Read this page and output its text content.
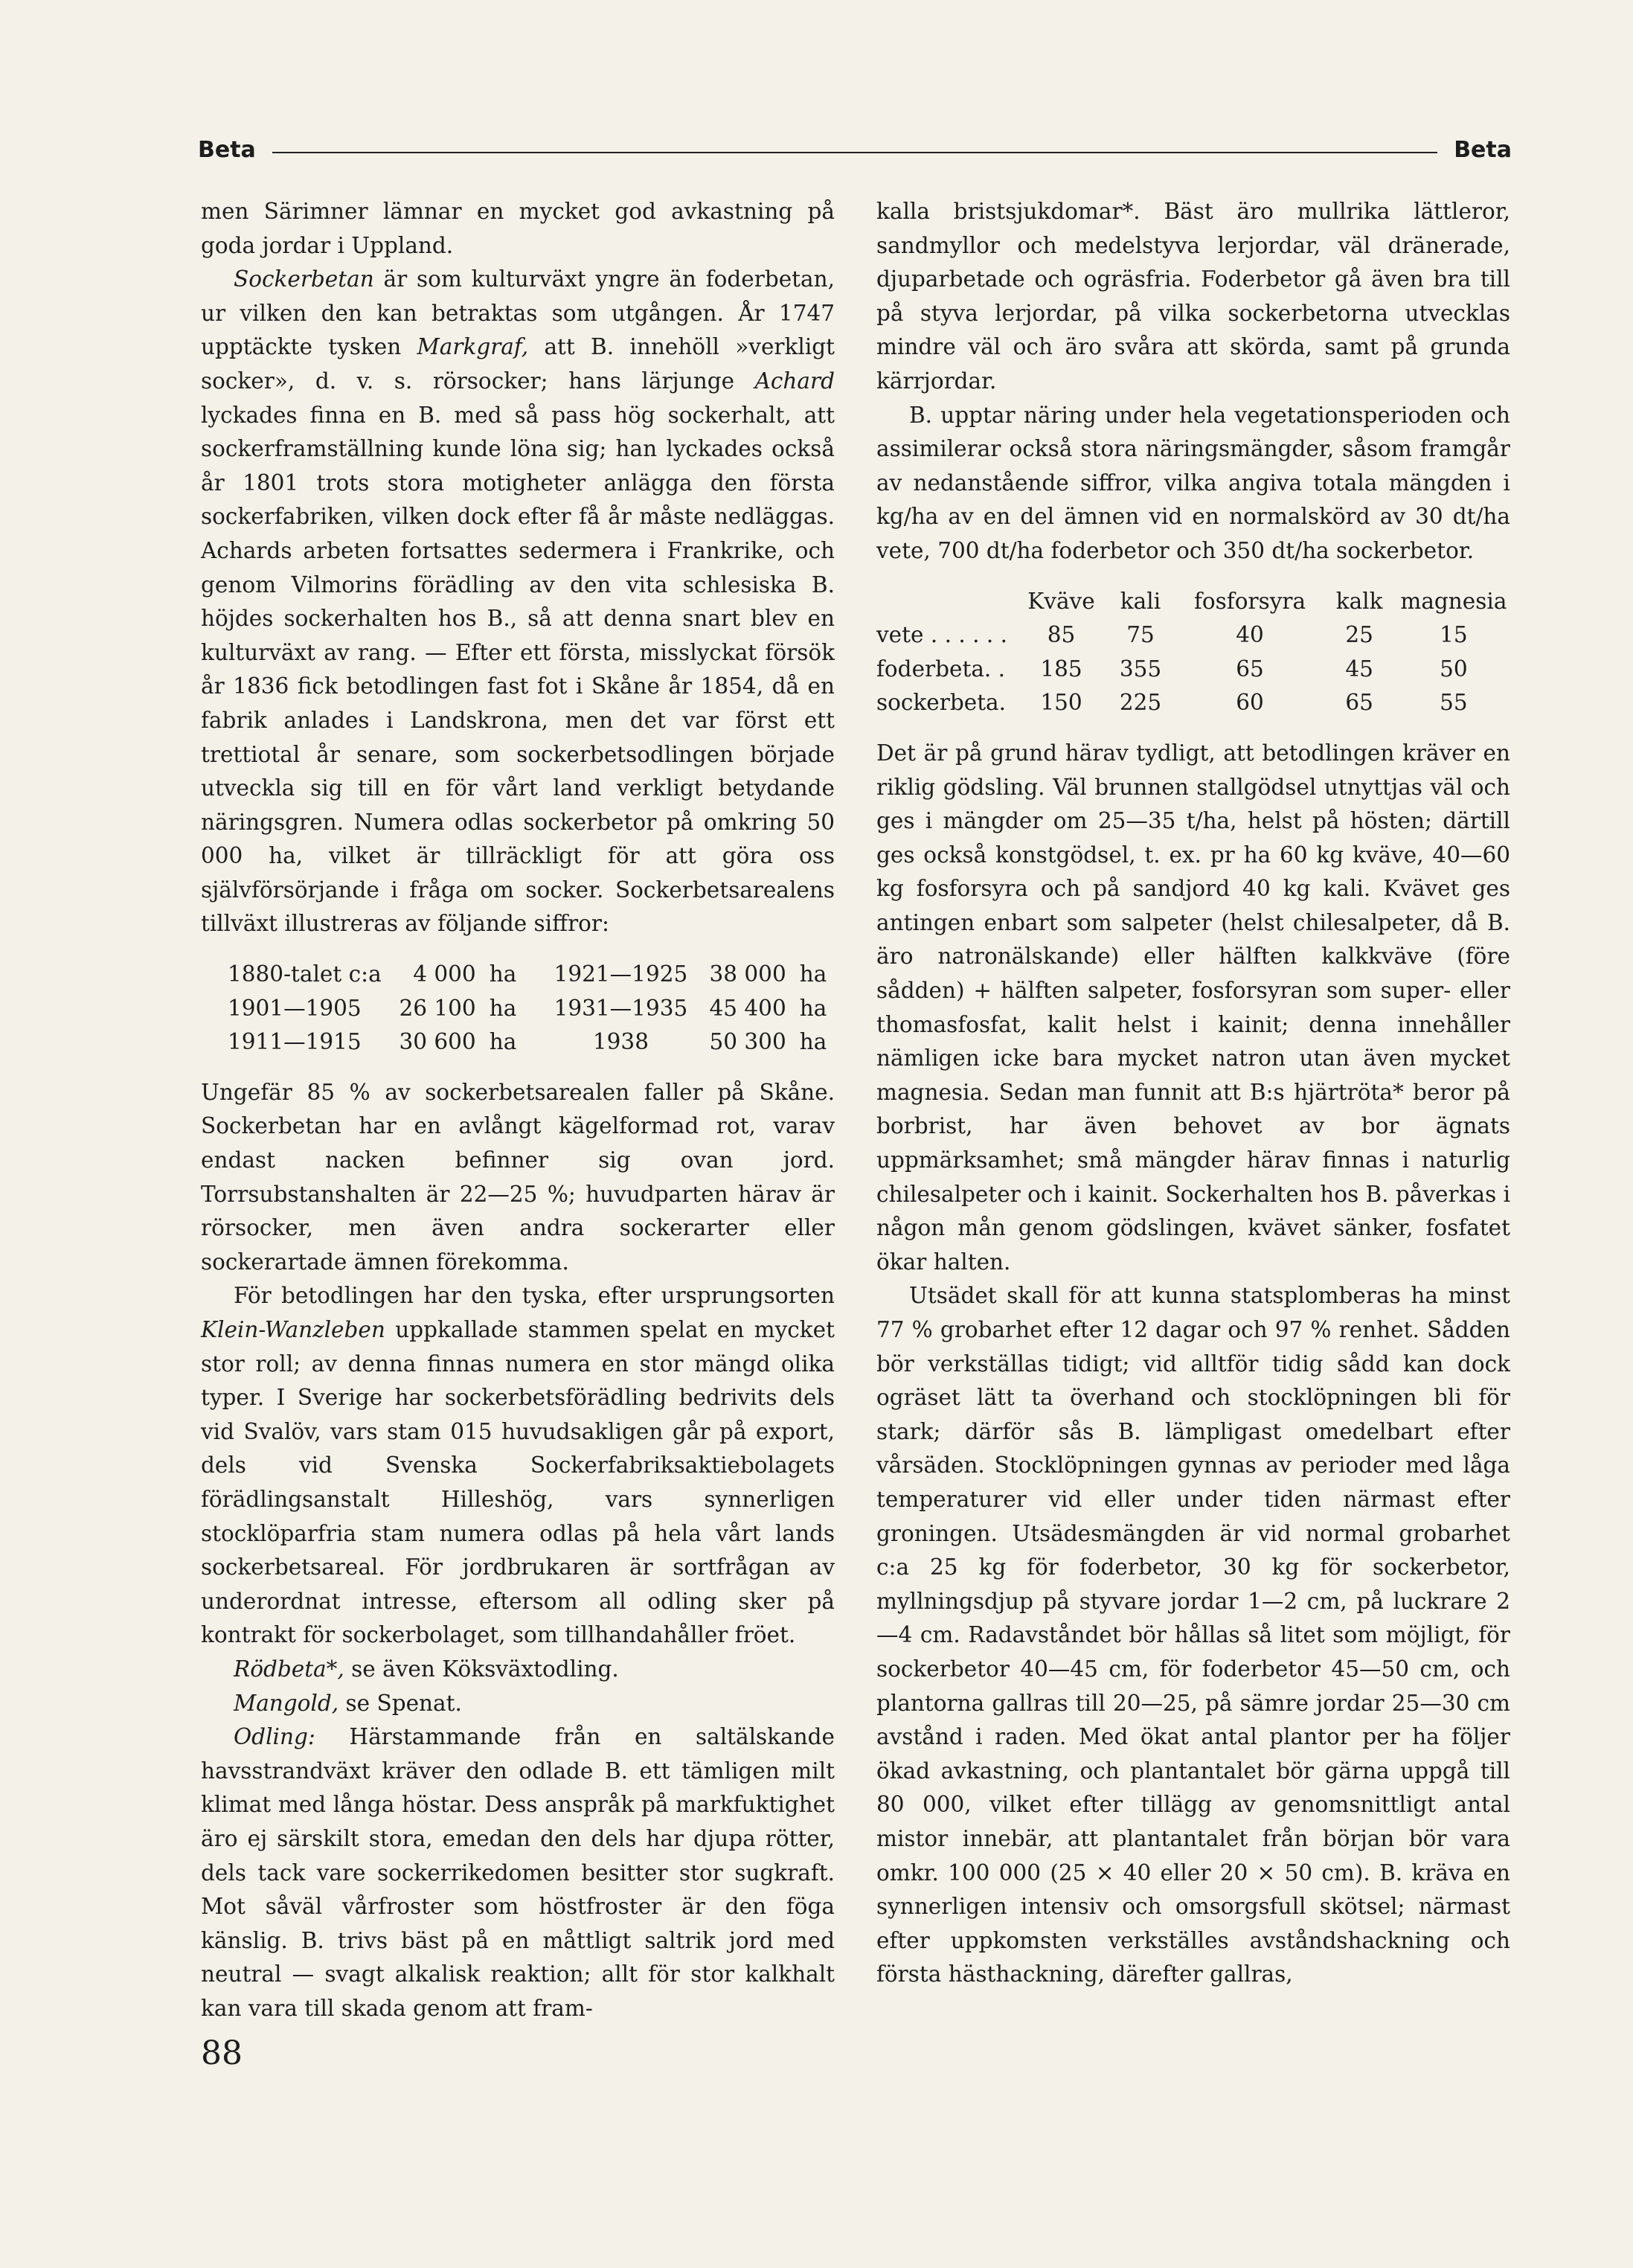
Beta	Beta

men Särimner lämnar en mycket god avkastning på goda jordar i Uppland.

Sockerbetan är som kulturväxt yngre än foderbetan, ur vilken den kan betraktas som utgången. År 1747 upptäckte tysken Markgraf, att B. innehöll »verkligt socker», d. v. s. rörsocker; hans lärjunge Achard lyckades finna en B. med så pass hög sockerhalt, att sockerframställning kunde löna sig; han lyckades också år 1801 trots stora motigheter anlägga den första sockerfabriken, vilken dock efter få år måste nedläggas. Achards arbeten fortsattes sedermera i Frankrike, och genom Vilmorins förädling av den vita schlesiska B. höjdes sockerhalten hos B., så att denna snart blev en kulturväxt av rang. — Efter ett första, misslyckat försök år 1836 fick betodlingen fast fot i Skåne år 1854, då en fabrik anlades i Landskrona, men det var först ett trettiotal år senare, som sockerbetsodlingen började utveckla sig till en för vårt land verkligt betydande näringsgren. Numera odlas sockerbetor på omkring 50 000 ha, vilket är tillräckligt för att göra oss självförsörjande i fråga om socker. Sockerbetsarealens tillväxt illustreras av följande siffror:

1880-talet c:a	4 000	ha	1921—1925	38 000	ha
1901—1905	26 100	ha	1931—1935	45 400	ha
1911—1915	30 600	ha	1938	50 300	ha

Ungefär 85 % av sockerbetsarealen faller på Skåne. Sockerbetan har en avlångt kägelformad rot, varav endast nacken befinner sig ovan jord. Torrsubstanshalten är 22—25 %; huvudparten härav är rörsocker, men även andra sockerarter eller sockerartade ämnen förekomma.

För betodlingen har den tyska, efter ursprungsorten Klein-Wanzleben uppkallade stammen spelat en mycket stor roll; av denna finnas numera en stor mängd olika typer. I Sverige har sockerbetsförädling bedrivits dels vid Svalöv, vars stam 015 huvudsakligen går på export, dels vid Svenska Sockerfabriksaktiebolagets förädlingsanstalt Hilleshög, vars synnerligen stocklöparfria stam numera odlas på hela vårt lands sockerbetsareal. För jordbrukaren är sortfrågan av underordnat intresse, eftersom all odling sker på kontrakt för sockerbolaget, som tillhandahåller fröet.

Rödbeta*, se även Köksväxtodling.

Mangold, se Spenat.

Odling: Härstammande från en saltälskande havsstrandväxt kräver den odlade B. ett tämligen milt klimat med långa höstar. Dess anspråk på markfuktighet äro ej särskilt stora, emedan den dels har djupa rötter, dels tack vare sockerrikedomen besitter stor sugkraft. Mot såväl vårfroster som höstfroster är den föga känslig. B. trivs bäst på en måttligt saltrik jord med neutral — svagt alkalisk reaktion; allt för stor kalkhalt kan vara till skada genom att fram-

kalla bristsjukdomar*. Bäst äro mullrika lättleror, sandmyllor och medelstyva lerjordar, väl dränerade, djuparbetade och ogräsfria. Foderbetor gå även bra till på styva lerjordar, på vilka sockerbetorna utvecklas mindre väl och äro svåra att skörda, samt på grunda kärrjordar.

B. upptar näring under hela vegetationsperioden och assimilerar också stora näringsmängder, såsom framgår av nedanstående siffror, vilka angiva totala mängden i kg/ha av en del ämnen vid en normalskörd av 30 dt/ha vete, 700 dt/ha foderbetor och 350 dt/ha sockerbetor.

	Kväve	kali	fosforsyra	kalk	magnesia
vete . . . . . .	85	75	40	25	15
foderbeta. .	185	355	65	45	50
sockerbeta.	150	225	60	65	55

Det är på grund härav tydligt, att betodlingen kräver en riklig gödsling. Väl brunnen stallgödsel utnyttjas väl och ges i mängder om 25—35 t/ha, helst på hösten; därtill ges också konstgödsel, t. ex. pr ha 60 kg kväve, 40—60 kg fosforsyra och på sandjord 40 kg kali. Kvävet ges antingen enbart som salpeter (helst chilesalpeter, då B. äro natronälskande) eller hälften kalkkväve (före sådden) + hälften salpeter, fosforsyran som super- eller thomasfosfat, kalit helst i kainit; denna innehåller nämligen icke bara mycket natron utan även mycket magnesia. Sedan man funnit att B:s hjärtröta* beror på borbrist, har även behovet av bor ägnats uppmärksamhet; små mängder härav finnas i naturlig chilesalpeter och i kainit. Sockerhalten hos B. påverkas i någon mån genom gödslingen, kvävet sänker, fosfatet ökar halten.

Utsädet skall för att kunna statsplomberas ha minst 77 % grobarhet efter 12 dagar och 97 % renhet. Sådden bör verkställas tidigt; vid alltför tidig sådd kan dock ogräset lätt ta överhand och stocklöpningen bli för stark; därför sås B. lämpligast omedelbart efter vårsäden. Stocklöpningen gynnas av perioder med låga temperaturer vid eller under tiden närmast efter groningen. Utsädesmängden är vid normal grobarhet c:a 25 kg för foderbetor, 30 kg för sockerbetor, myllningsdjup på styvare jordar 1—2 cm, på luckrare 2—4 cm. Radavståndet bör hållas så litet som möjligt, för sockerbetor 40—45 cm, för foderbetor 45—50 cm, och plantorna gallras till 20—25, på sämre jordar 25—30 cm avstånd i raden. Med ökat antal plantor per ha följer ökad avkastning, och plantantalet bör gärna uppgå till 80 000, vilket efter tillägg av genomsnittligt antal mistor innebär, att plantantalet från början bör vara omkr. 100 000 (25 × 40 eller 20 × 50 cm). B. kräva en synnerligen intensiv och omsorgsfull skötsel; närmast efter uppkomsten verkställes avståndshackning och första hästhackning, därefter gallras,

88
